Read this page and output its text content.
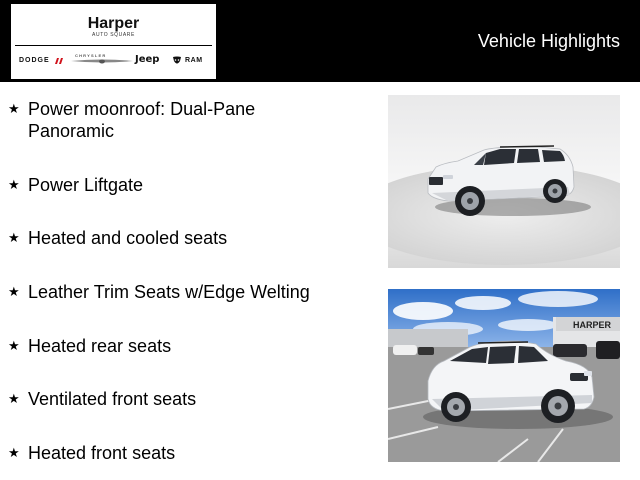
Harper
AUTO SQUARE
DODGE
CHRYSLER	Jeep	RAM
Vehicle Highlights
★ Power moonroof: Dual-Pane Panoramic
★ Power Liftgate
★ Heated and cooled seats
★ Leather Trim Seats w/Edge Welting
★ Heated rear seats
★ Ventilated front seats
★ Heated front seats
HARPER
